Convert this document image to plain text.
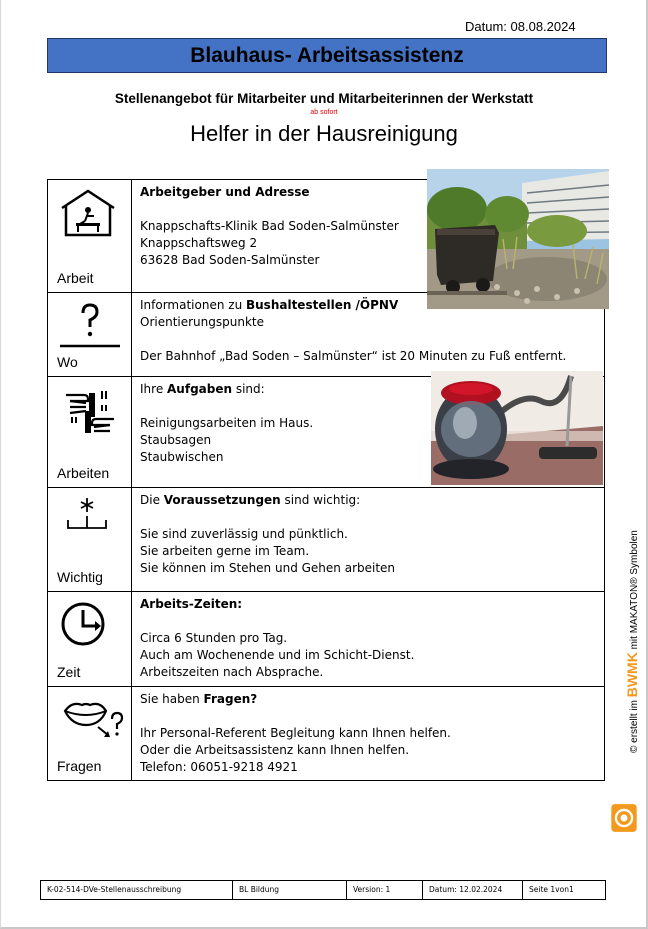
Datum: 08.08.2024
Blauhaus- Arbeitsassistenz
Stellenangebot für Mitarbeiter und Mitarbeiterinnen der Werkstatt
ab sofort
Helfer in der Hausreinigung
Arbeit	Arbeitgeber und Adresse
Knappschafts-Klinik Bad Soden-Salmünster
Knappschaftsweg 2
63628 Bad Soden-Salmünster

Wo	Informationen zu Bushaltestellen /ÖPNV
Orientierungspunkte
Der Bahnhof „Bad Soden – Salmünster“ ist 20 Minuten zu Fuß entfernt.

Arbeiten	Ihre Aufgaben sind:
Reinigungsarbeiten im Haus.
Staubsagen
Staubwischen

Wichtig	Die Voraussetzungen sind wichtig:
Sie sind zuverlässig und pünktlich.
Sie arbeiten gerne im Team.
Sie können im Stehen und Gehen arbeiten

Zeit	Arbeits-Zeiten:
Circa 6 Stunden pro Tag.
Auch am Wochenende und im Schicht-Dienst.
Arbeitszeiten nach Absprache.

Fragen	Sie haben Fragen?
Ihr Personal-Referent Begleitung kann Ihnen helfen.
Oder die Arbeitsassistenz kann Ihnen helfen.
Telefon: 06051-9218 4921
© erstellt im BWMK mit MAKATON® Symbolen
K-02-514-DVe-Stellenausschreibung	BL Bildung	Version: 1	Datum: 12.02.2024	Seite 1von1
